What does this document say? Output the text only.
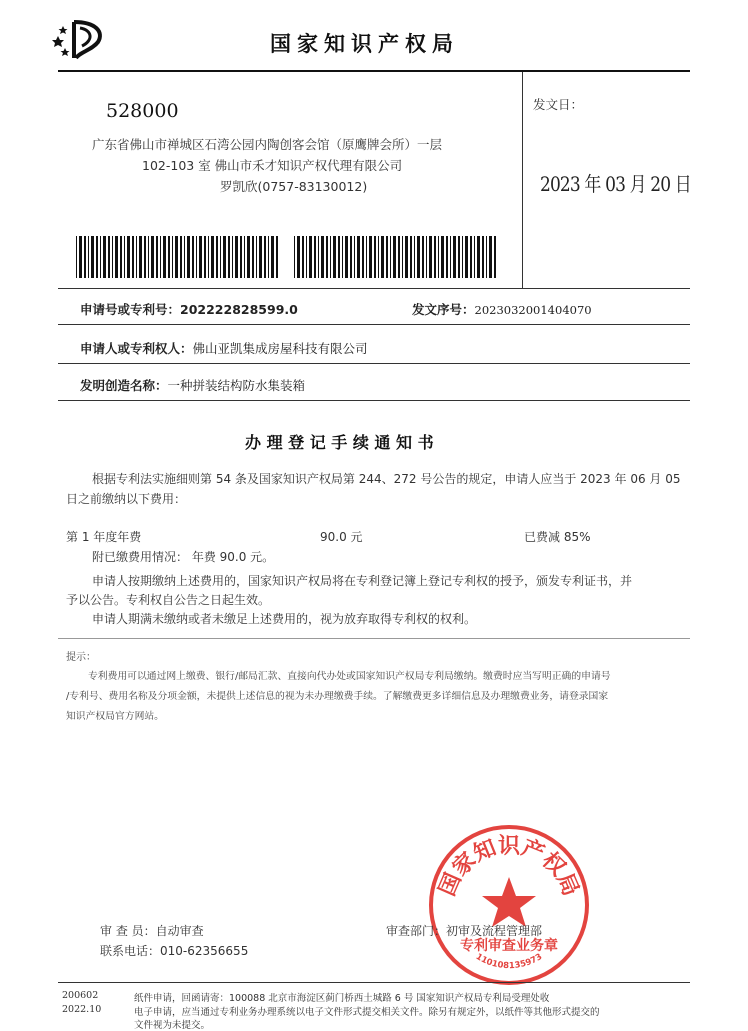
国家知识产权局
528000
广东省佛山市禅城区石湾公园内陶创客会馆（原鹰牌会所）一层
102-103 室 佛山市禾才知识产权代理有限公司
罗凯欣(0757-83130012)
发文日：
2023 年 03 月 20 日
申请号或专利号：202222828599.0	发文序号：2023032001404070
申请人或专利权人：佛山亚凯集成房屋科技有限公司
发明创造名称：一种拼装结构防水集装箱
办 理 登 记 手 续 通 知 书
根据专利法实施细则第 54 条及国家知识产权局第 244、272 号公告的规定，申请人应当于 2023 年 06 月 05
日之前缴纳以下费用：
第 1 年度年费	90.0 元	已费减 85%
附已缴费用情况： 年费 90.0 元。
申请人按期缴纳上述费用的，国家知识产权局将在专利登记簿上登记专利权的授予，颁发专利证书，并
予以公告。专利权自公告之日起生效。
申请人期满未缴纳或者未缴足上述费用的，视为放弃取得专利权的权利。
提示：
专利费用可以通过网上缴费、银行/邮局汇款、直接向代办处或国家知识产权局专利局缴纳。缴费时应当写明正确的申请号
/专利号、费用名称及分项金额，未提供上述信息的视为未办理缴费手续。了解缴费更多详细信息及办理缴费业务，请登录国家
知识产权局官方网站。
国家知识产权局
专利审查业务章
110108135973
审 查 员：自动审查
联系电话：010-62356655
审查部门：初审及流程管理部
200602
2022.10
纸件申请，回函请寄：100088 北京市海淀区蓟门桥西土城路 6 号 国家知识产权局专利局受理处收
电子申请，应当通过专利业务办理系统以电子文件形式提交相关文件。除另有规定外，以纸件等其他形式提交的
文件视为未提交。
